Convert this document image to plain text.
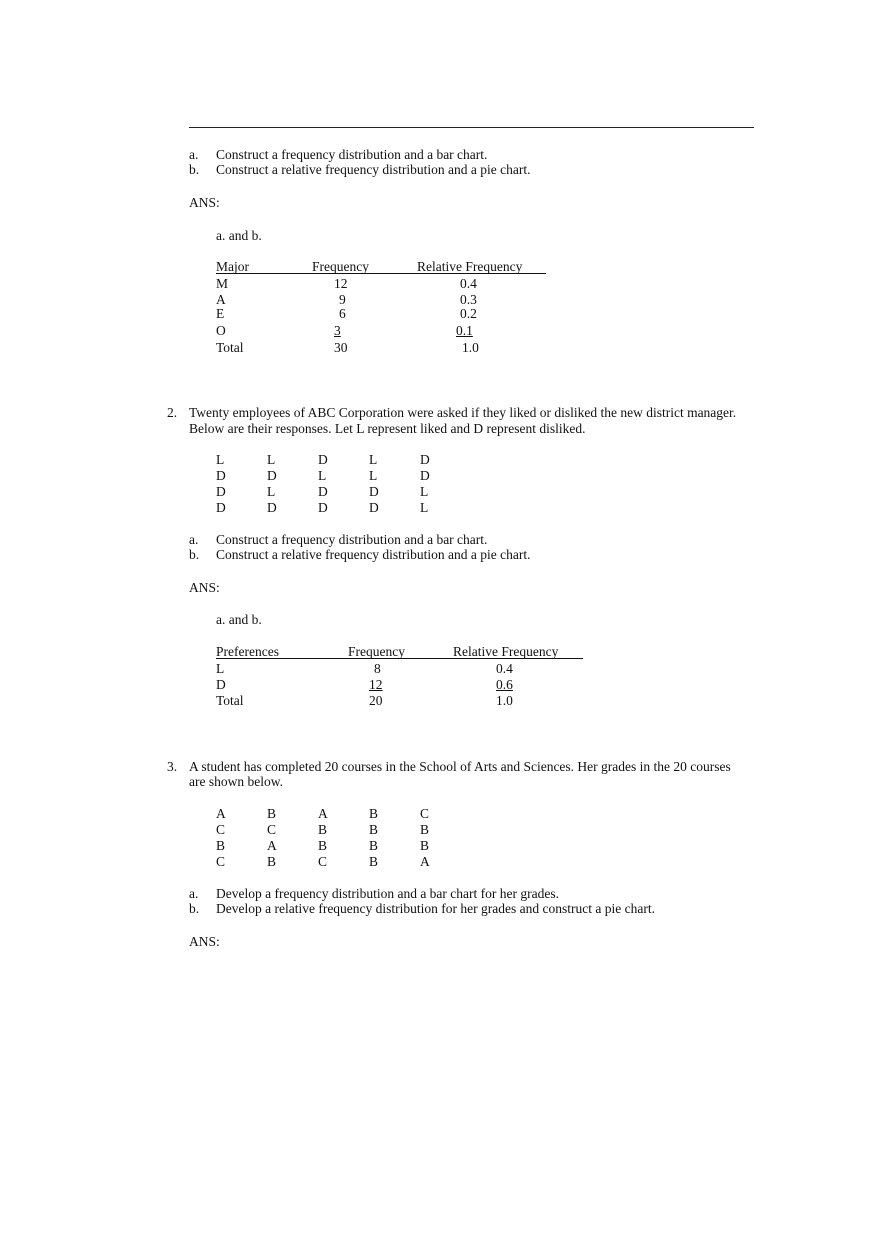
a. Construct a frequency distribution and a bar chart.
b. Construct a relative frequency distribution and a pie chart.
ANS:
a. and b.
Major	Frequency	Relative Frequency
M	12	0.4
A	9	0.3
E	6	0.2
O	3	0.1
Total	30	1.0
2. Twenty employees of ABC Corporation were asked if they liked or disliked the new district manager.
Below are their responses. Let L represent liked and D represent disliked.
L	L	D	L	D
D	D	L	L	D
D	L	D	D	L
D	D	D	D	L
a. Construct a frequency distribution and a bar chart.
b. Construct a relative frequency distribution and a pie chart.
ANS:
a. and b.
Preferences	Frequency	Relative Frequency
L	8	0.4
D	12	0.6
Total	20	1.0
3. A student has completed 20 courses in the School of Arts and Sciences. Her grades in the 20 courses
are shown below.
A	B	A	B	C
C	C	B	B	B
B	A	B	B	B
C	B	C	B	A
a. Develop a frequency distribution and a bar chart for her grades.
b. Develop a relative frequency distribution for her grades and construct a pie chart.
ANS:
